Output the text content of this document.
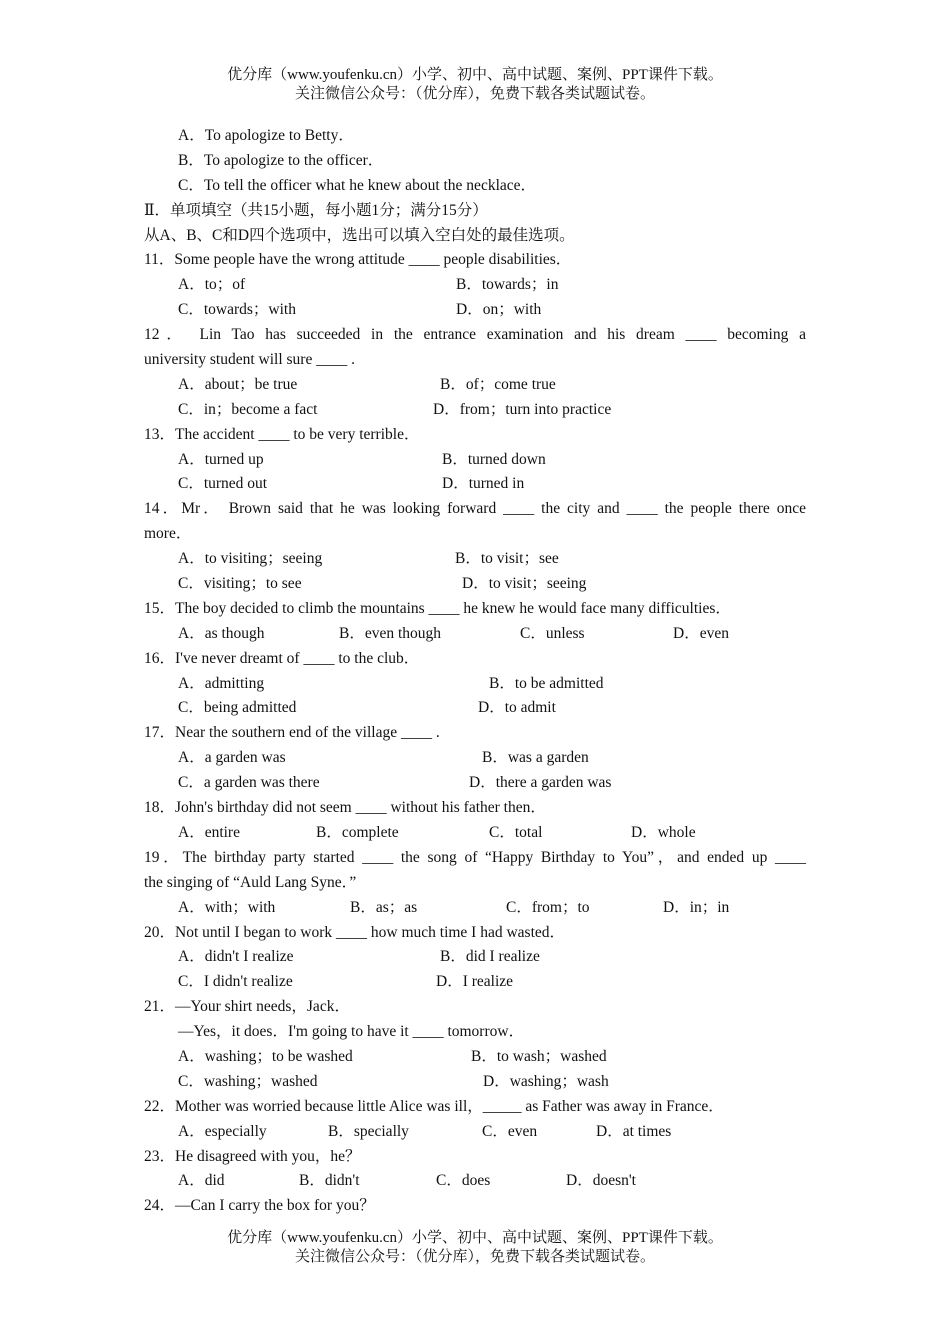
优分库（www.youfenku.cn）小学、初中、高中试题、案例、PPT课件下载。
关注微信公众号：（优分库），免费下载各类试题试卷。
A．To apologize to Betty．
B．To apologize to the officer．
C．To tell the officer what he knew about the necklace．
Ⅱ．单项填空（共15小题，每小题1分；满分15分）
从A、B、C和D四个选项中，选出可以填入空白处的最佳选项。
11．Some people have the wrong attitude ____ people disabilities．
A．to；of	B．towards；in
C．towards；with	D．on；with
12． Lin Tao has succeeded in the entrance examination and his dream ____ becoming a
university student will sure ____ .
A．about；be true	B．of；come true
C．in；become a fact	D．from；turn into practice
13．The accident ____ to be very terrible．
A．turned up	B．turned down
C．turned out	D．turned in
14．Mr． Brown said that he was looking forward ____ the city and ____ the people there once
more．
A．to visiting；seeing	B．to visit；see
C．visiting；to see	D．to visit；seeing
15．The boy decided to climb the mountains ____ he knew he would face many difficulties．
A．as though	B．even though	C．unless	D．even
16．I've never dreamt of ____ to the club．
A．admitting	B．to be admitted
C．being admitted	D．to admit
17．Near the southern end of the village ____ .
A．a garden was	B．was a garden
C．a garden was there	D．there a garden was
18．John's birthday did not seem ____ without his father then．
A．entire	B．complete	C．total	D．whole
19．The birthday party started ____ the song of “Happy Birthday to You”，and ended up ____
the singing of “Auld Lang Syne．”
A．with；with	B．as；as	C．from；to	D．in；in
20．Not until I began to work ____ how much time I had wasted．
A．didn't I realize	B．did I realize
C．I didn't realize	D．I realize
21．—Your shirt needs，Jack．
—Yes，it does．I'm going to have it ____ tomorrow．
A．washing；to be washed	B．to wash；washed
C．washing；washed	D．washing；wash
22．Mother was worried because little Alice was ill，_____ as Father was away in France．
A．especially	B．specially	C．even	D．at times
23．He disagreed with you，he？
A．did	B．didn't	C．does	D．doesn't
24．—Can I carry the box for you？
优分库（www.youfenku.cn）小学、初中、高中试题、案例、PPT课件下载。
关注微信公众号：（优分库），免费下载各类试题试卷。
